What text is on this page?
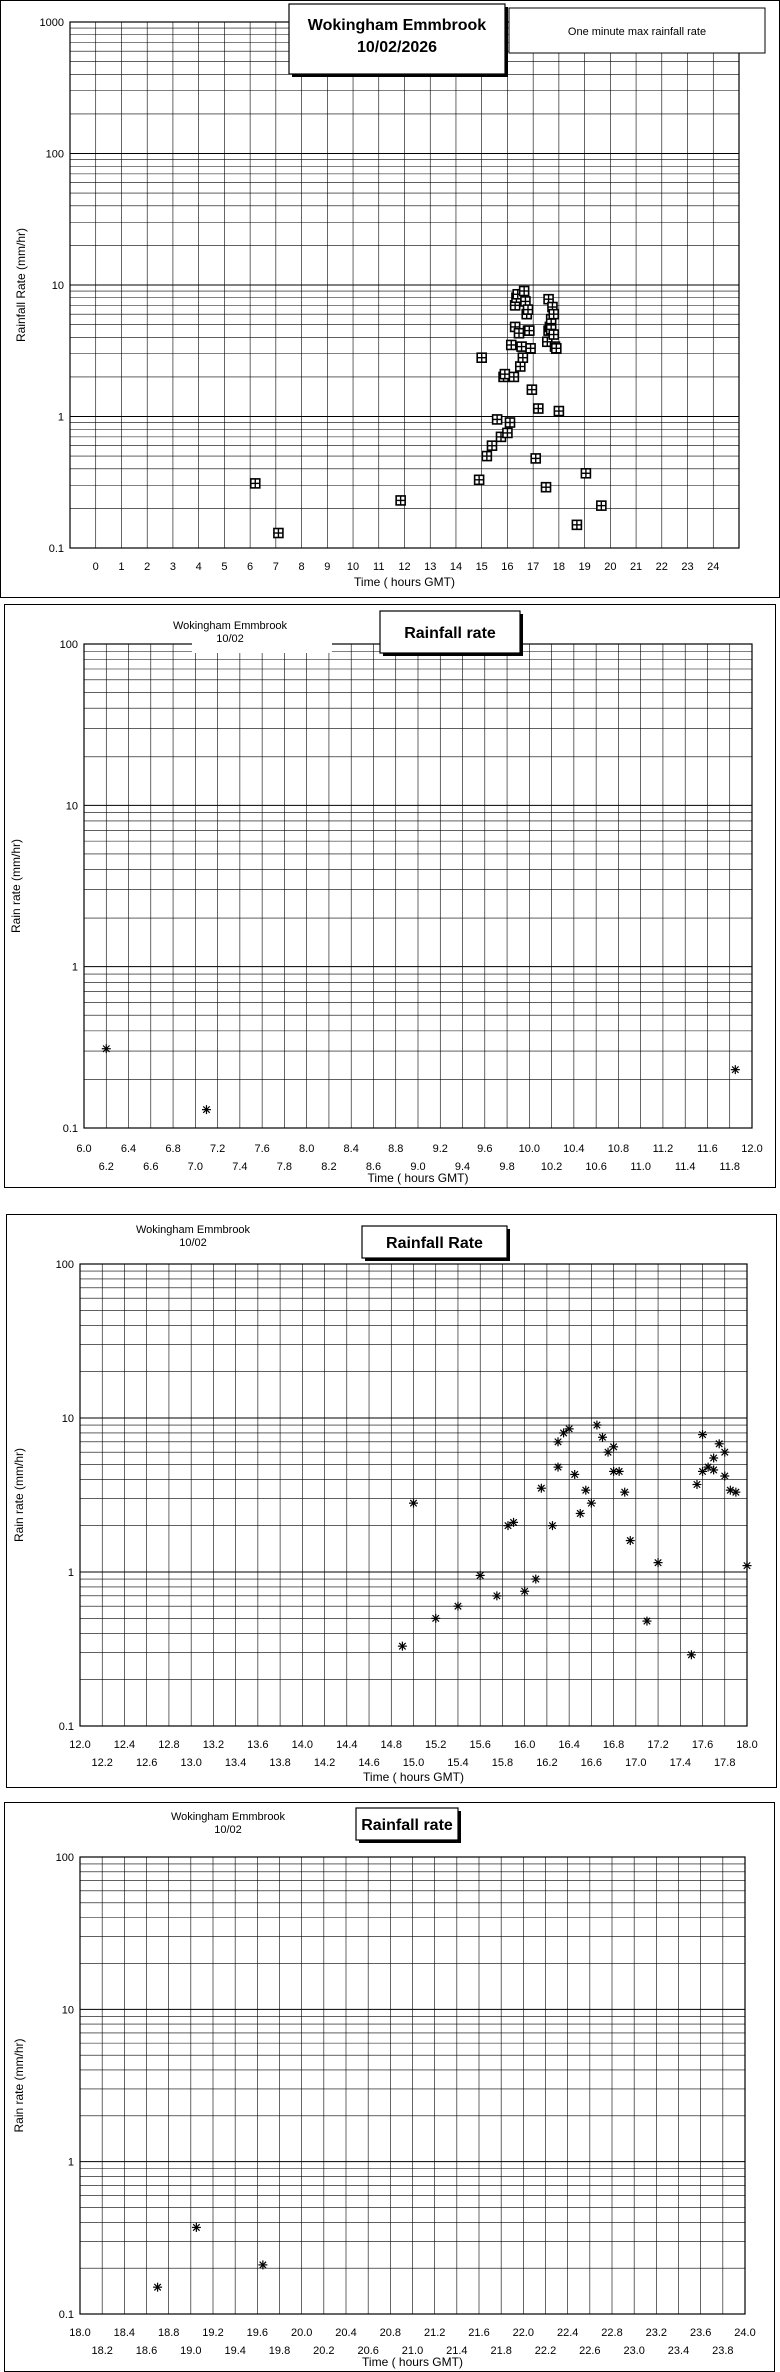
0.1
1
10
100
1000
0 1 2 3 4 5 6 7 8 9 10 11 12 13 14 15 16 17 18 19 20 21 22 23 24
Time ( hours GMT)
Rainfall Rate (mm/hr)
Wokingham Emmbrook
10/02/2026
One minute max rainfall rate
0.1
1
10
100
6.0	6.4	6.8	7.2	7.6	8.0	8.4	8.8	9.2	9.6 10.0 10.4 10.8 11.2 11.6 12.0
6.2	6.6	7.0	7.4	7.8	8.2	8.6	9.0	9.4	9.8 10.2 10.6 11.0 11.4 11.8
Time ( hours GMT)
Rain rate (mm/hr)
Wokingham Emmbrook
10/02	Rainfall rate
0.1
1
10
100
12.0 12.4 12.8 13.2 13.6 14.0 14.4 14.8 15.2 15.6 16.0 16.4 16.8 17.2 17.6 18.0
12.2 12.6 13.0 13.4 13.8 14.2 14.6 15.0 15.4 15.8 16.2 16.6 17.0 17.4 17.8
Time ( hours GMT)
Rain rate (mm/hr)
Wokingham Emmbrook
10/02	Rainfall Rate
0.1
1
10
100
18.0 18.4 18.8 19.2 19.6 20.0 20.4 20.8 21.2 21.6 22.0 22.4 22.8 23.2 23.6 24.0
18.2 18.6 19.0 19.4 19.8 20.2 20.6 21.0 21.4 21.8 22.2 22.6 23.0 23.4 23.8
Time ( hours GMT)
Rain rate (mm/hr)
Wokingham Emmbrook
10/02	Rainfall rate
